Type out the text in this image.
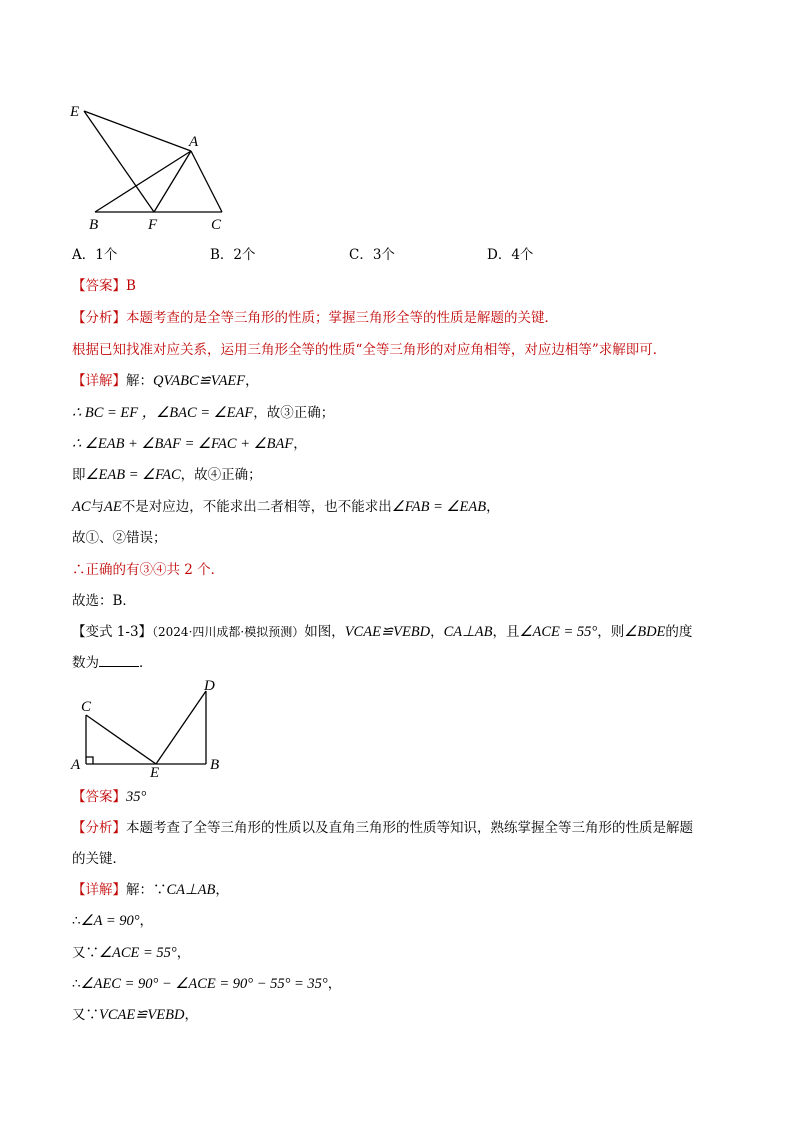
E
A
B	F	C
A．1个	B．2个	C．3个	D．4个
【答案】B
【分析】本题考查的是全等三角形的性质；掌握三角形全等的性质是解题的关键．
根据已知找准对应关系，运用三角形全等的性质“全等三角形的对应角相等，对应边相等”求解即可．
【详解】解：QVABC≌VAEF，
∴ BC = EF ，∠BAC = ∠EAF，故③正确；
∴ ∠EAB + ∠BAF = ∠FAC + ∠BAF，
即∠EAB = ∠FAC，故④正确；
AC与AE不是对应边，不能求出二者相等，也不能求出∠FAB = ∠EAB，
故①、②错误；
∴正确的有③④共 2 个．
故选：B．
【变式 1-3】（2024·四川成都·模拟预测）如图，VCAE≌VEBD，CA⊥AB，且∠ACE = 55°，则∠BDE的度
数为	．
C
D
A	E	B
【答案】35°
【分析】本题考查了全等三角形的性质以及直角三角形的性质等知识，熟练掌握全等三角形的性质是解题
的关键．
【详解】解：∵CA⊥AB，
∴∠A = 90°，
又∵∠ACE = 55°，
∴∠AEC = 90° − ∠ACE = 90° − 55° = 35°，
又∵VCAE≌VEBD，
